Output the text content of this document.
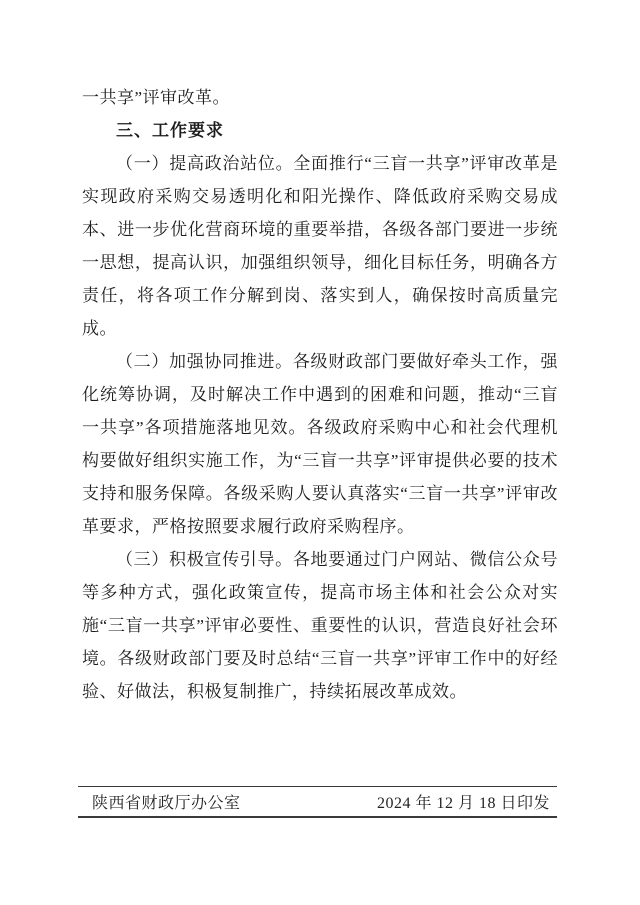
一共享”评审改革。

三、工作要求

（一）提高政治站位。全面推行“三盲一共享”评审改革是实现政府采购交易透明化和阳光操作、降低政府采购交易成本、进一步优化营商环境的重要举措，各级各部门要进一步统一思想，提高认识，加强组织领导，细化目标任务，明确各方责任，将各项工作分解到岗、落实到人，确保按时高质量完成。

（二）加强协同推进。各级财政部门要做好牵头工作，强化统筹协调，及时解决工作中遇到的困难和问题，推动“三盲一共享”各项措施落地见效。各级政府采购中心和社会代理机构要做好组织实施工作，为“三盲一共享”评审提供必要的技术支持和服务保障。各级采购人要认真落实“三盲一共享”评审改革要求，严格按照要求履行政府采购程序。

（三）积极宣传引导。各地要通过门户网站、微信公众号等多种方式，强化政策宣传，提高市场主体和社会公众对实施“三盲一共享”评审必要性、重要性的认识，营造良好社会环境。各级财政部门要及时总结“三盲一共享”评审工作中的好经验、好做法，积极复制推广，持续拓展改革成效。

陕西省财政厅办公室	2024 年 12 月 18 日印发
